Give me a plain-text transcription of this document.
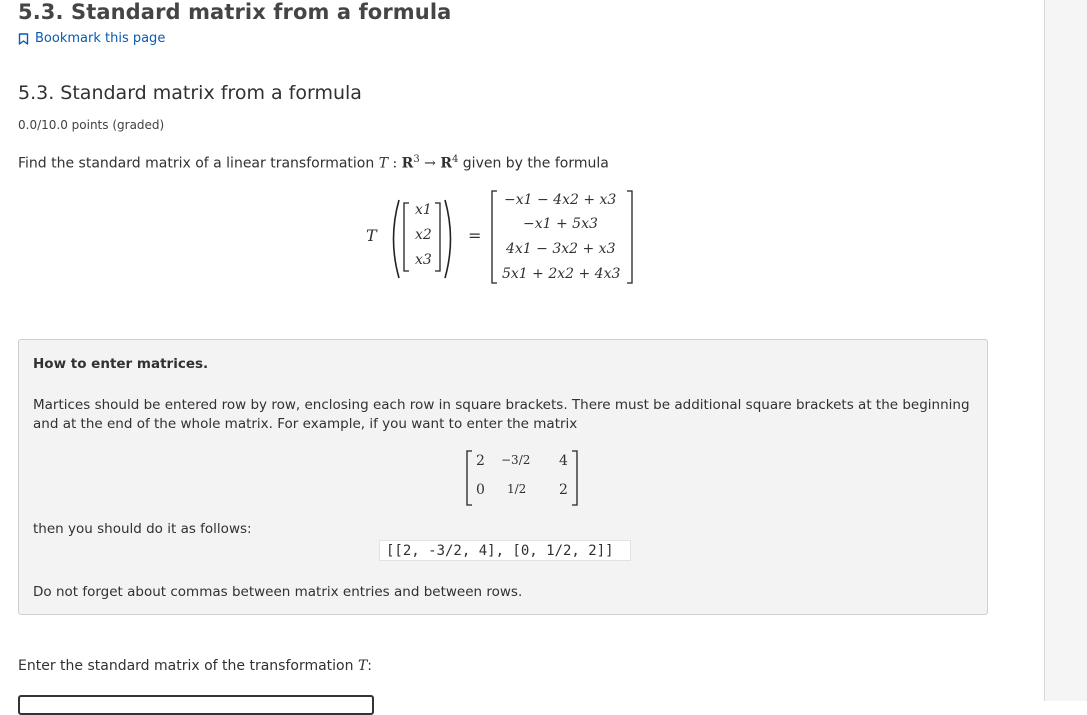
5.3. Standard matrix from a formula
Bookmark this page
5.3. Standard matrix from a formula
0.0/10.0 points (graded)
Find the standard matrix of a linear transformation T : $R^3 \to R^4$ given by the formula
T
x1
x2
x3
=
−x1 − 4x2 + x3
−x1 + 5x3
4x1 − 3x2 + x3
5x1 + 2x2 + 4x3
How to enter matrices.
Martices should be entered row by row, enclosing each row in square brackets. There must be additional square brackets at the beginning and at the end of the whole matrix. For example, if you want to enter the matrix
2 −3/2 4
0 1/2 2
then you should do it as follows:
[[2, -3/2, 4], [0, 1/2, 2]]
Do not forget about commas between matrix entries and between rows.
Enter the standard matrix of the transformation T:
